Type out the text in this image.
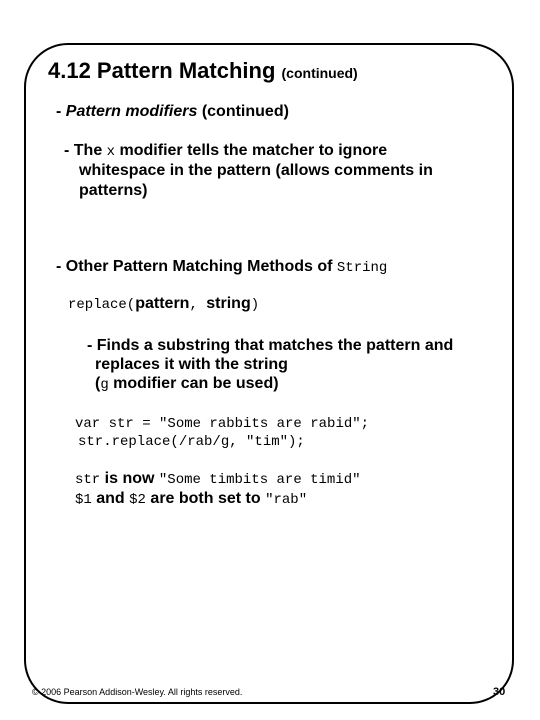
4.12 Pattern Matching (continued)
- Pattern modifiers (continued)
- The x modifier tells the matcher to ignore
whitespace in the pattern (allows comments in
patterns)
- Other Pattern Matching Methods of String
replace(pattern, string)
- Finds a substring that matches the pattern and
replaces it with the string
(g modifier can be used)
var str = "Some rabbits are rabid";
str.replace(/rab/g, "tim");
str is now "Some timbits are timid"
$1 and $2 are both set to "rab"
© 2006 Pearson Addison-Wesley. All rights reserved.	30
